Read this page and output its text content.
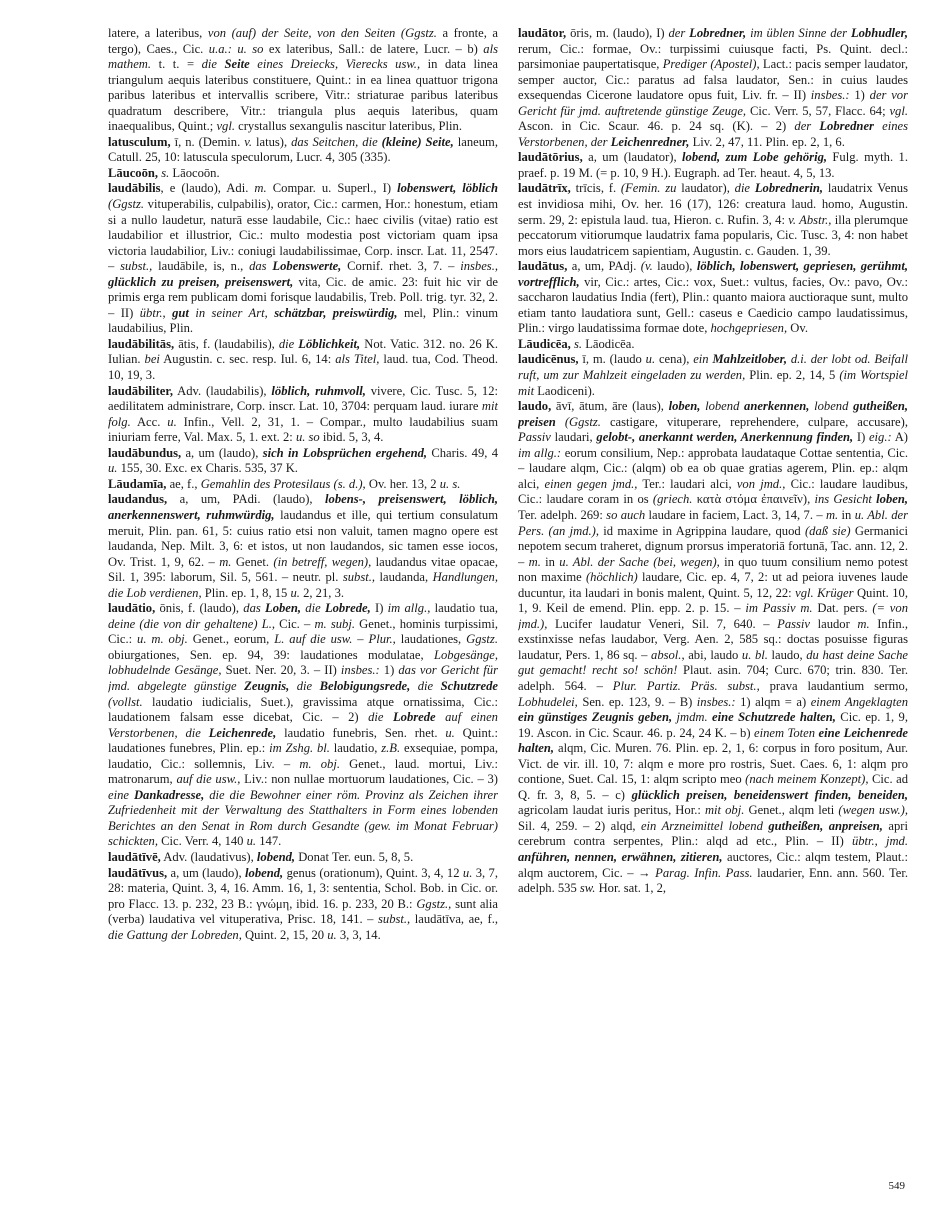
latere, a lateribus, von (auf) der Seite, von den Seiten (Ggstz. a fronte, a tergo), Caes., Cic. u.a.: u. so ex lateribus, Sall.: de latere, Lucr. – b) als mathem. t. t. = die Seite eines Dreiecks, Vierecks usw., in data linea triangulum aequis lateribus constituere, Quint.: in ea linea quattuor trigona paribus lateribus et intervallis scribere, Vitr.: striaturae paribus lateribus quadratum describere, Vitr.: triangula plus aequis lateribus, quam inaequalibus, Quint.; vgl. crystallus sexangulis nascitur lateribus, Plin.

latusculum, ī, n. (Demin. v. latus), das Seitchen, die (kleine) Seite, laneum, Catull. 25, 10: latuscula speculorum, Lucr. 4, 305 (335).

Lāucoōn, s. Lāocoōn.

laudābilis, e (laudo), Adi. m. Compar. u. Superl., I) lobenswert, löblich (Ggstz. vituperabilis, culpabilis), orator, Cic.: carmen, Hor.: honestum, etiam si a nullo laudetur, naturā esse laudabile, Cic.: haec civilis (vitae) ratio est laudabilior et illustrior, Cic.: multo modestia post victoriam quam ipsa victoria laudabilior, Liv.: coniugi laudabilissimae, Corp. inscr. Lat. 11, 2547. – subst., laudābile, is, n., das Lobenswerte, Cornif. rhet. 3, 7. – insbes., glücklich zu preisen, preisenswert, vita, Cic. de amic. 23: fuit hic vir de primis erga rem publicam domi forisque laudabilis, Treb. Poll. trig. tyr. 32, 2. – II) übtr., gut in seiner Art, schätzbar, preiswürdig, mel, Plin.: vinum laudabilius, Plin.

laudābilitās, ātis, f. (laudabilis), die Löblichkeit, Not. Vatic. 312. no. 26 K. Iulian. bei Augustin. c. sec. resp. Iul. 6, 14: als Titel, laud. tua, Cod. Theod. 10, 19, 3.

laudābiliter, Adv. (laudabilis), löblich, ruhmvoll, vivere, Cic. Tusc. 5, 12: aedilitatem administrare, Corp. inscr. Lat. 10, 3704: perquam laud. iurare mit folg. Acc. u. Infin., Vell. 2, 31, 1. – Compar., multo laudabilius suam iniuriam ferre, Val. Max. 5, 1. ext. 2: u. so ibid. 5, 3, 4.

laudābundus, a, um (laudo), sich in Lobsprüchen ergehend, Charis. 49, 4 u. 155, 30. Exc. ex Charis. 535, 37 K.

Lāudamīa, ae, f., Gemahlin des Protesilaus (s. d.), Ov. her. 13, 2 u. s.

laudandus, a, um, PAdi. (laudo), lobens-, preisenswert, löblich, anerkennenswert, ruhmwürdig, laudandus et ille, qui tertium consulatum meruit, Plin. pan. 61, 5: cuius ratio etsi non valuit, tamen magno opere est laudanda, Nep. Milt. 3, 6: et istos, ut non laudandos, sic tamen esse iocos, Ov. Trist. 1, 9, 62. – m. Genet. (in betreff, wegen), laudandus vitae opacae, Sil. 1, 395: laborum, Sil. 5, 561. – neutr. pl. subst., laudanda, Handlungen, die Lob verdienen, Plin. ep. 1, 8, 15 u. 2, 21, 3.

laudātio, ōnis, f. (laudo), das Loben, die Lobrede, I) im allg., laudatio tua, deine (die von dir gehaltene) L., Cic. – m. subj. Genet., hominis turpissimi, Cic.: u. m. obj. Genet., eorum, L. auf die usw. – Plur., laudationes, Ggstz. obiurgationes, Sen. ep. 94, 39: laudationes modulatae, Lobgesänge, lobhudelnde Gesänge, Suet. Ner. 20, 3. – II) insbes.: 1) das vor Gericht für jmd. abgelegte günstige Zeugnis, die Belobigungsrede, die Schutzrede (vollst. laudatio iudicialis, Suet.), gravissima atque ornatissima, Cic.: laudationem falsam esse dicebat, Cic. – 2) die Lobrede auf einen Verstorbenen, die Leichenrede, laudatio funebris, Sen. rhet. u. Quint.: laudationes funebres, Plin. ep.: im Zshg. bl. laudatio, z.B. exsequiae, pompa, laudatio, Cic.: sollemnis, Liv. – m. obj. Genet., laud. mortui, Liv.: matronarum, auf die usw., Liv.: non nullae mortuorum laudationes, Cic. – 3) eine Dankadresse, die die Bewohner einer röm. Provinz als Zeichen ihrer Zufriedenheit mit der Verwaltung des Statthalters in Form eines lobenden Berichtes an den Senat in Rom durch Gesandte (gew. im Monat Februar) schickten, Cic. Verr. 4, 140 u. 147.

laudātīvē, Adv. (laudativus), lobend, Donat Ter. eun. 5, 8, 5.

laudātīvus, a, um (laudo), lobend, genus (orationum), Quint. 3, 4, 12 u. 3, 7, 28: materia, Quint. 3, 4, 16. Amm. 16, 1, 3: sententia, Schol. Bob. in Cic. or. pro Flacc. 13. p. 232, 23 B.: γνώμη, ibid. 16. p. 233, 20 B.: Ggstz., sunt alia (verba) laudativa vel vituperativa, Prisc. 18, 141. – subst., laudātīva, ae, f., die Gattung der Lobreden, Quint. 2, 15, 20 u. 3, 3, 14.

laudātor, ōris, m. (laudo), I) der Lobredner, im üblen Sinne der Lobhudler, rerum, Cic.: formae, Ov.: turpissimi cuiusque facti, Ps. Quint. decl.: parsimoniae paupertatisque, Prediger (Apostel), Lact.: pacis semper laudator, semper auctor, Cic.: paratus ad falsa laudator, Sen.: in cuius laudes exsequendas Cicerone laudatore opus fuit, Liv. fr. – II) insbes.: 1) der vor Gericht für jmd. auftretende günstige Zeuge, Cic. Verr. 5, 57, Flacc. 64; vgl. Ascon. in Cic. Scaur. 46. p. 24 sq. (K). – 2) der Lobredner eines Verstorbenen, der Leichenredner, Liv. 2, 47, 11. Plin. ep. 2, 1, 6.

laudātōrius, a, um (laudator), lobend, zum Lobe gehörig, Fulg. myth. 1. praef. p. 19 M. (= p. 10, 9 H.). Eugraph. ad Ter. heaut. 4, 5, 13.

laudātrīx, trīcis, f. (Femin. zu laudator), die Lobrednerin, laudatrix Venus est invidiosa mihi, Ov. her. 16 (17), 126: creatura laud. homo, Augustin. serm. 29, 2: epistula laud. tua, Hieron. c. Rufin. 3, 4: v. Abstr., illa plerumque peccatorum vitiorumque laudatrix fama popularis, Cic. Tusc. 3, 4: non habet mors eius laudatricem sapientiam, Augustin. c. Gauden. 1, 39.

laudātus, a, um, PAdj. (v. laudo), löblich, lobenswert, gepriesen, gerühmt, vortrefflich, vir, Cic.: artes, Cic.: vox, Suet.: vultus, facies, Ov.: pavo, Ov.: saccharon laudatius India (fert), Plin.: quanto maiora auctioraque sunt, multo etiam tanto laudatiora sunt, Gell.: caseus e Caedicio campo laudatissimus, Plin.: virgo laudatissima formae dote, hochgepriesen, Ov.

Lāudicēa, s. Lāodicēa.

laudicēnus, ī, m. (laudo u. cena), ein Mahlzeitlober, d.i. der lobt od. Beifall ruft, um zur Mahlzeit eingeladen zu werden, Plin. ep. 2, 14, 5 (im Wortspiel mit Laodiceni).

laudo, āvī, ātum, āre (laus), loben, lobend anerkennen, lobend gutheißen, preisen (Ggstz. castigare, vituperare, reprehendere, culpare, accusare), Passiv laudari, gelobt-, anerkannt werden, Anerkennung finden, I) eig.: A) im allg.: eorum consilium, Nep.: approbata laudataque Cottae sententia, Cic. – laudare alqm, Cic.: (alqm) ob ea ob quae gratias agerem, Plin. ep.: alqm alci, einen gegen jmd., Ter.: laudari alci, von jmd., Cic.: laudare laudibus, Cic.: laudare coram in os (griech. κατὰ στόμα ἐπαινεῖν), ins Gesicht loben, Ter. adelph. 269: so auch laudare in faciem, Lact. 3, 14, 7. – m. in u. Abl. der Pers. (an jmd.), id maxime in Agrippina laudare, quod (daß sie) Germanici nepotem secum traheret, dignum prorsus imperatoriā fortunā, Tac. ann. 12, 2. – m. in u. Abl. der Sache (bei, wegen), in quo tuum consilium nemo potest non maxime (höchlich) laudare, Cic. ep. 4, 7, 2: ut ad peiora iuvenes laude ducuntur, ita laudari in bonis malent, Quint. 5, 12, 22: vgl. Krüger Quint. 10, 1, 9. Keil de emend. Plin. epp. 2. p. 15. – im Passiv m. Dat. pers. (= von jmd.), Lucifer laudatur Veneri, Sil. 7, 640. – Passiv laudor m. Infin., exstinxisse nefas laudabor, Verg. Aen. 2, 585 sq.: doctas posuisse figuras laudatur, Pers. 1, 86 sq. – absol., abi, laudo u. bl. laudo, du hast deine Sache gut gemacht! recht so! schön! Plaut. asin. 704; Curc. 670; trin. 830. Ter. adelph. 564. – Plur. Partiz. Präs. subst., prava laudantium sermo, Lobhudelei, Sen. ep. 123, 9. – B) insbes.: 1) alqm = a) einem Angeklagten ein günstiges Zeugnis geben, jmdm. eine Schutzrede halten, Cic. ep. 1, 9, 19. Ascon. in Cic. Scaur. 46. p. 24, 24 K. – b) einem Toten eine Leichenrede halten, alqm, Cic. Muren. 76. Plin. ep. 2, 1, 6: corpus in foro positum, Aur. Vict. de vir. ill. 10, 7: alqm e more pro rostris, Suet. Caes. 6, 1: alqm pro contione, Suet. Cal. 15, 1: alqm scripto meo (nach meinem Konzept), Cic. ad Q. fr. 3, 8, 5. – c) glücklich preisen, beneidenswert finden, beneiden, agricolam laudat iuris peritus, Hor.: mit obj. Genet., alqm leti (wegen usw.), Sil. 4, 259. – 2) alqd, ein Arzneimittel lobend gutheißen, anpreisen, apri cerebrum contra serpentes, Plin.: alqd ad etc., Plin. – II) übtr., jmd. anführen, nennen, erwähnen, zitieren, auctores, Cic.: alqm testem, Plaut.: alqm auctorem, Cic. – → Parag. Infin. Pass. laudarier, Enn. ann. 560. Ter. adelph. 535 sw. Hor. sat. 1, 2,

549
